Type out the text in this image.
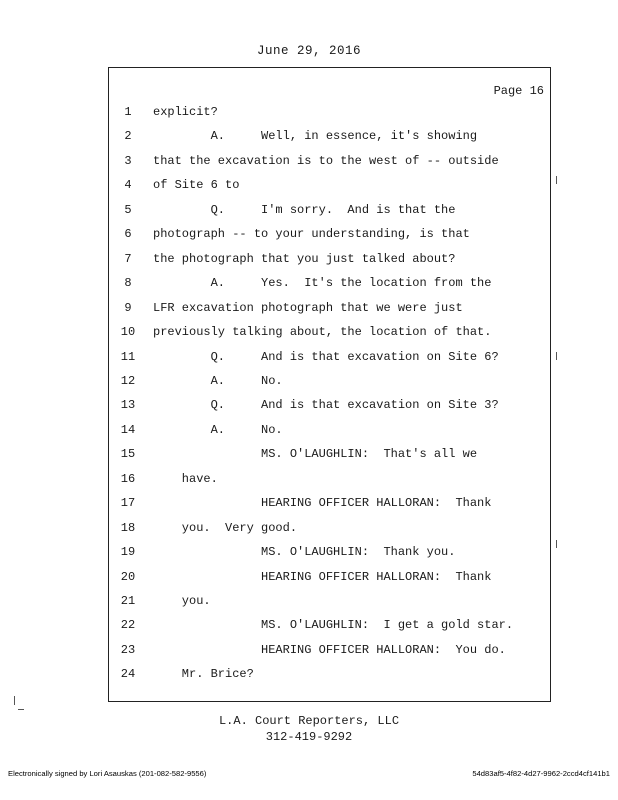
June 29, 2016
Page 16
1	explicit?
2	A.     Well, in essence, it's showing
3	that the excavation is to the west of -- outside
4	of Site 6 to
5	Q.     I'm sorry.  And is that the
6	photograph -- to your understanding, is that
7	the photograph that you just talked about?
8	A.     Yes.  It's the location from the
9	LFR excavation photograph that we were just
10	previously talking about, the location of that.
11	Q.     And is that excavation on Site 6?
12	A.     No.
13	Q.     And is that excavation on Site 3?
14	A.     No.
15	MS. O'LAUGHLIN:  That's all we
16	have.
17	HEARING OFFICER HALLORAN:  Thank
18	you.  Very good.
19	MS. O'LAUGHLIN:  Thank you.
20	HEARING OFFICER HALLORAN:  Thank
21	you.
22	MS. O'LAUGHLIN:  I get a gold star.
23	HEARING OFFICER HALLORAN:  You do.
24	Mr. Brice?
L.A. Court Reporters, LLC
312-419-9292
Electronically signed by Lori Asauskas (201-082-582-9556)	54d83af5-4f82-4d27-9962-2ccd4cf141b1
